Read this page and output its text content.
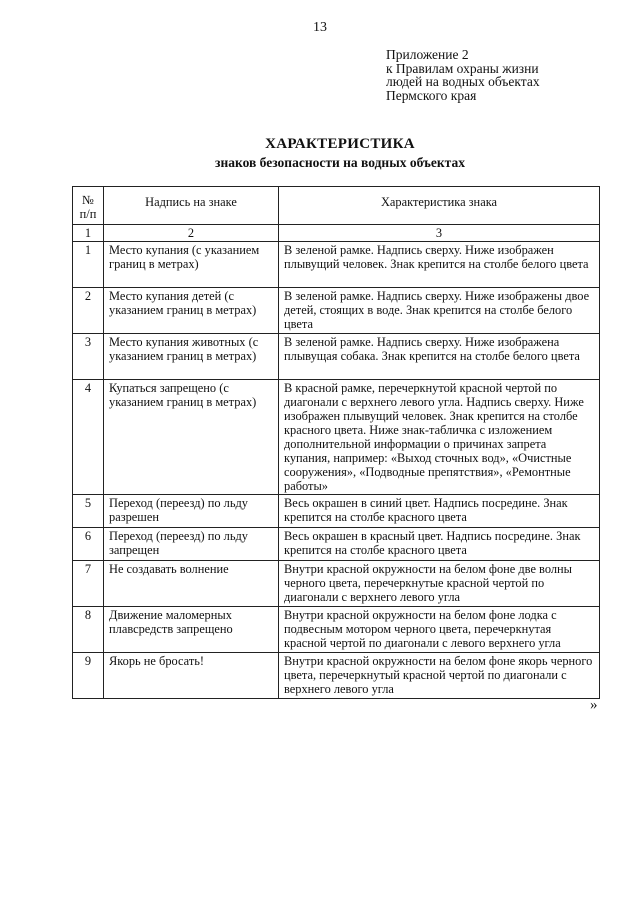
13
Приложение 2
к Правилам охраны жизни
людей на водных объектах
Пермского края
ХАРАКТЕРИСТИКА
знаков безопасности на водных объектах
№
п/п	Надпись на знаке	Характеристика знака
1	2	3
1	Место купания (с указанием границ в метрах)	В зеленой рамке. Надпись сверху. Ниже изображен плывущий человек. Знак крепится на столбе белого цвета
2	Место купания детей (с указанием границ в метрах)	В зеленой рамке. Надпись сверху. Ниже изображены двое детей, стоящих в воде. Знак крепится на столбе белого цвета
3	Место купания животных (с указанием границ в метрах)	В зеленой рамке. Надпись сверху. Ниже изображена плывущая собака. Знак крепится на столбе белого цвета
4	Купаться запрещено (с указанием границ в метрах)	В красной рамке, перечеркнутой красной чертой по диагонали с верхнего левого угла. Надпись сверху. Ниже изображен плывущий человек. Знак крепится на столбе красного цвета. Ниже знак-табличка с изложением дополнительной информации о причинах запрета купания, например: «Выход сточных вод», «Очистные сооружения», «Подводные препятствия», «Ремонтные работы»
5	Переход (переезд) по льду разрешен	Весь окрашен в синий цвет. Надпись посредине. Знак крепится на столбе красного цвета
6	Переход (переезд) по льду запрещен	Весь окрашен в красный цвет. Надпись посредине. Знак крепится на столбе красного цвета
7	Не создавать волнение	Внутри красной окружности на белом фоне две волны черного цвета, перечеркнутые красной чертой по диагонали с верхнего левого угла
8	Движение маломерных плавсредств запрещено	Внутри красной окружности на белом фоне лодка с подвесным мотором черного цвета, перечеркнутая красной чертой по диагонали с левого верхнего угла
9	Якорь не бросать!	Внутри красной окружности на белом фоне якорь черного цвета, перечеркнутый красной чертой по диагонали с верхнего левого угла
»
